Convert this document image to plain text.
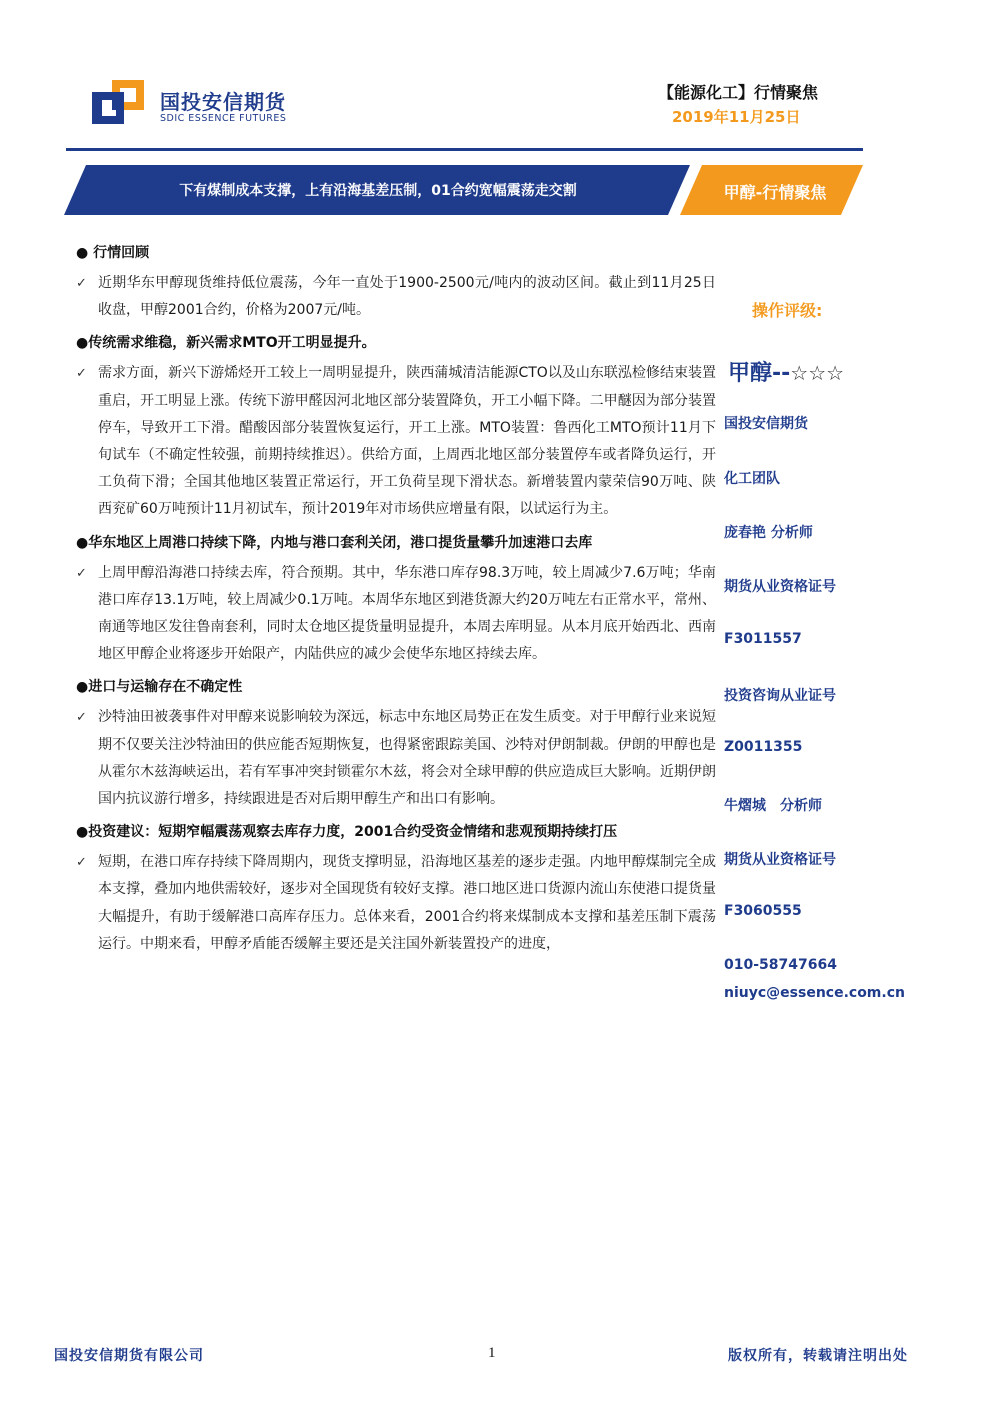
国投安信期货
SDIC ESSENCE FUTURES
【能源化工】行情聚焦
2019年11月25日
下有煤制成本支撑，上有沿海基差压制，01合约宽幅震荡走交割	甲醇-行情聚焦
● 行情回顾
✓ 近期华东甲醇现货维持低位震荡，今年一直处于1900-2500元/吨内的波动区间。截止到11月25日收盘，甲醇2001合约，价格为2007元/吨。
●传统需求维稳，新兴需求MTO开工明显提升。
✓ 需求方面，新兴下游烯烃开工较上一周明显提升，陕西蒲城清洁能源CTO以及山东联泓检修结束装置重启，开工明显上涨。传统下游甲醛因河北地区部分装置降负，开工小幅下降。二甲醚因为部分装置停车，导致开工下滑。醋酸因部分装置恢复运行，开工上涨。MTO装置：鲁西化工MTO预计11月下旬试车（不确定性较强，前期持续推迟）。供给方面，上周西北地区部分装置停车或者降负运行，开工负荷下滑；全国其他地区装置正常运行，开工负荷呈现下滑状态。新增装置内蒙荣信90万吨、陕西兖矿60万吨预计11月初试车，预计2019年对市场供应增量有限，以试运行为主。
●华东地区上周港口持续下降，内地与港口套利关闭，港口提货量攀升加速港口去库
✓ 上周甲醇沿海港口持续去库，符合预期。其中，华东港口库存98.3万吨，较上周减少7.6万吨；华南港口库存13.1万吨，较上周减少0.1万吨。本周华东地区到港货源大约20万吨左右正常水平，常州、南通等地区发往鲁南套利，同时太仓地区提货量明显提升，本周去库明显。从本月底开始西北、西南地区甲醇企业将逐步开始限产，内陆供应的减少会使华东地区持续去库。
●进口与运输存在不确定性
✓ 沙特油田被袭事件对甲醇来说影响较为深远，标志中东地区局势正在发生质变。对于甲醇行业来说短期不仅要关注沙特油田的供应能否短期恢复，也得紧密跟踪美国、沙特对伊朗制裁。伊朗的甲醇也是从霍尔木兹海峡运出，若有军事冲突封锁霍尔木兹，将会对全球甲醇的供应造成巨大影响。近期伊朗国内抗议游行增多，持续跟进是否对后期甲醇生产和出口有影响。
●投资建议：短期窄幅震荡观察去库存力度，2001合约受资金情绪和悲观预期持续打压
✓ 短期，在港口库存持续下降周期内，现货支撑明显，沿海地区基差的逐步走强。内地甲醇煤制完全成本支撑，叠加内地供需较好，逐步对全国现货有较好支撑。港口地区进口货源内流山东使港口提货量大幅提升，有助于缓解港口高库存压力。总体来看，2001合约将来煤制成本支撑和基差压制下震荡运行。中期来看，甲醇矛盾能否缓解主要还是关注国外新装置投产的进度，
操作评级:
甲醇--☆☆☆
国投安信期货
化工团队
庞春艳 分析师
期货从业资格证号
F3011557
投资咨询从业证号
Z0011355
牛熠城　分析师
期货从业资格证号
F3060555
010-58747664
niuyc@essence.com.cn
国投安信期货有限公司	1	版权所有，转载请注明出处
